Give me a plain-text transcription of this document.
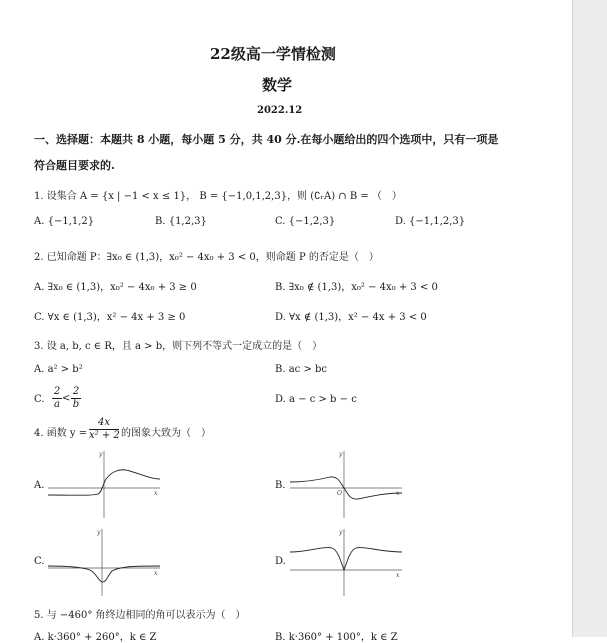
22级高一学情检测
数学
2022.12
一、选择题：本题共 8 小题，每小题 5 分，共 40 分.在每小题给出的四个选项中，只有一项是
符合题目要求的.
1. 设集合 A = {x | −1 < x ≤ 1}， B = {−1,0,1,2,3}，则 (∁ᵣA) ∩ B = （　）
A. {−1,1,2}	B. {1,2,3}	C. {−1,2,3}	D. {−1,1,2,3}
2. 已知命题 P：∃x₀ ∈ (1,3)，x₀² − 4x₀ + 3 < 0，则命题 P 的否定是（　）
A. ∃x₀ ∈ (1,3)，x₀² − 4x₀ + 3 ≥ 0	B. ∃x₀ ∉ (1,3)，x₀² − 4x₀ + 3 < 0
C. ∀x ∈ (1,3)，x² − 4x + 3 ≥ 0	D. ∀x ∉ (1,3)，x² − 4x + 3 < 0
3. 设 a, b, c ∈ R，且 a > b，则下列不等式一定成立的是（　）
A. a² > b²	B. ac > bc
C. $\frac{2}{a} < \frac{2}{b}$	D. a − c > b − c
4. 函数 $y = \frac{4x}{\text{x² + 2}}$ 的图象大致为（　）
A.	B.
C.	D.
x
y
x
y
O
x
y
x
y
5. 与 −460° 角终边相同的角可以表示为（　）
A. k·360° + 260°，k ∈ Z	B. k·360° + 100°，k ∈ Z
